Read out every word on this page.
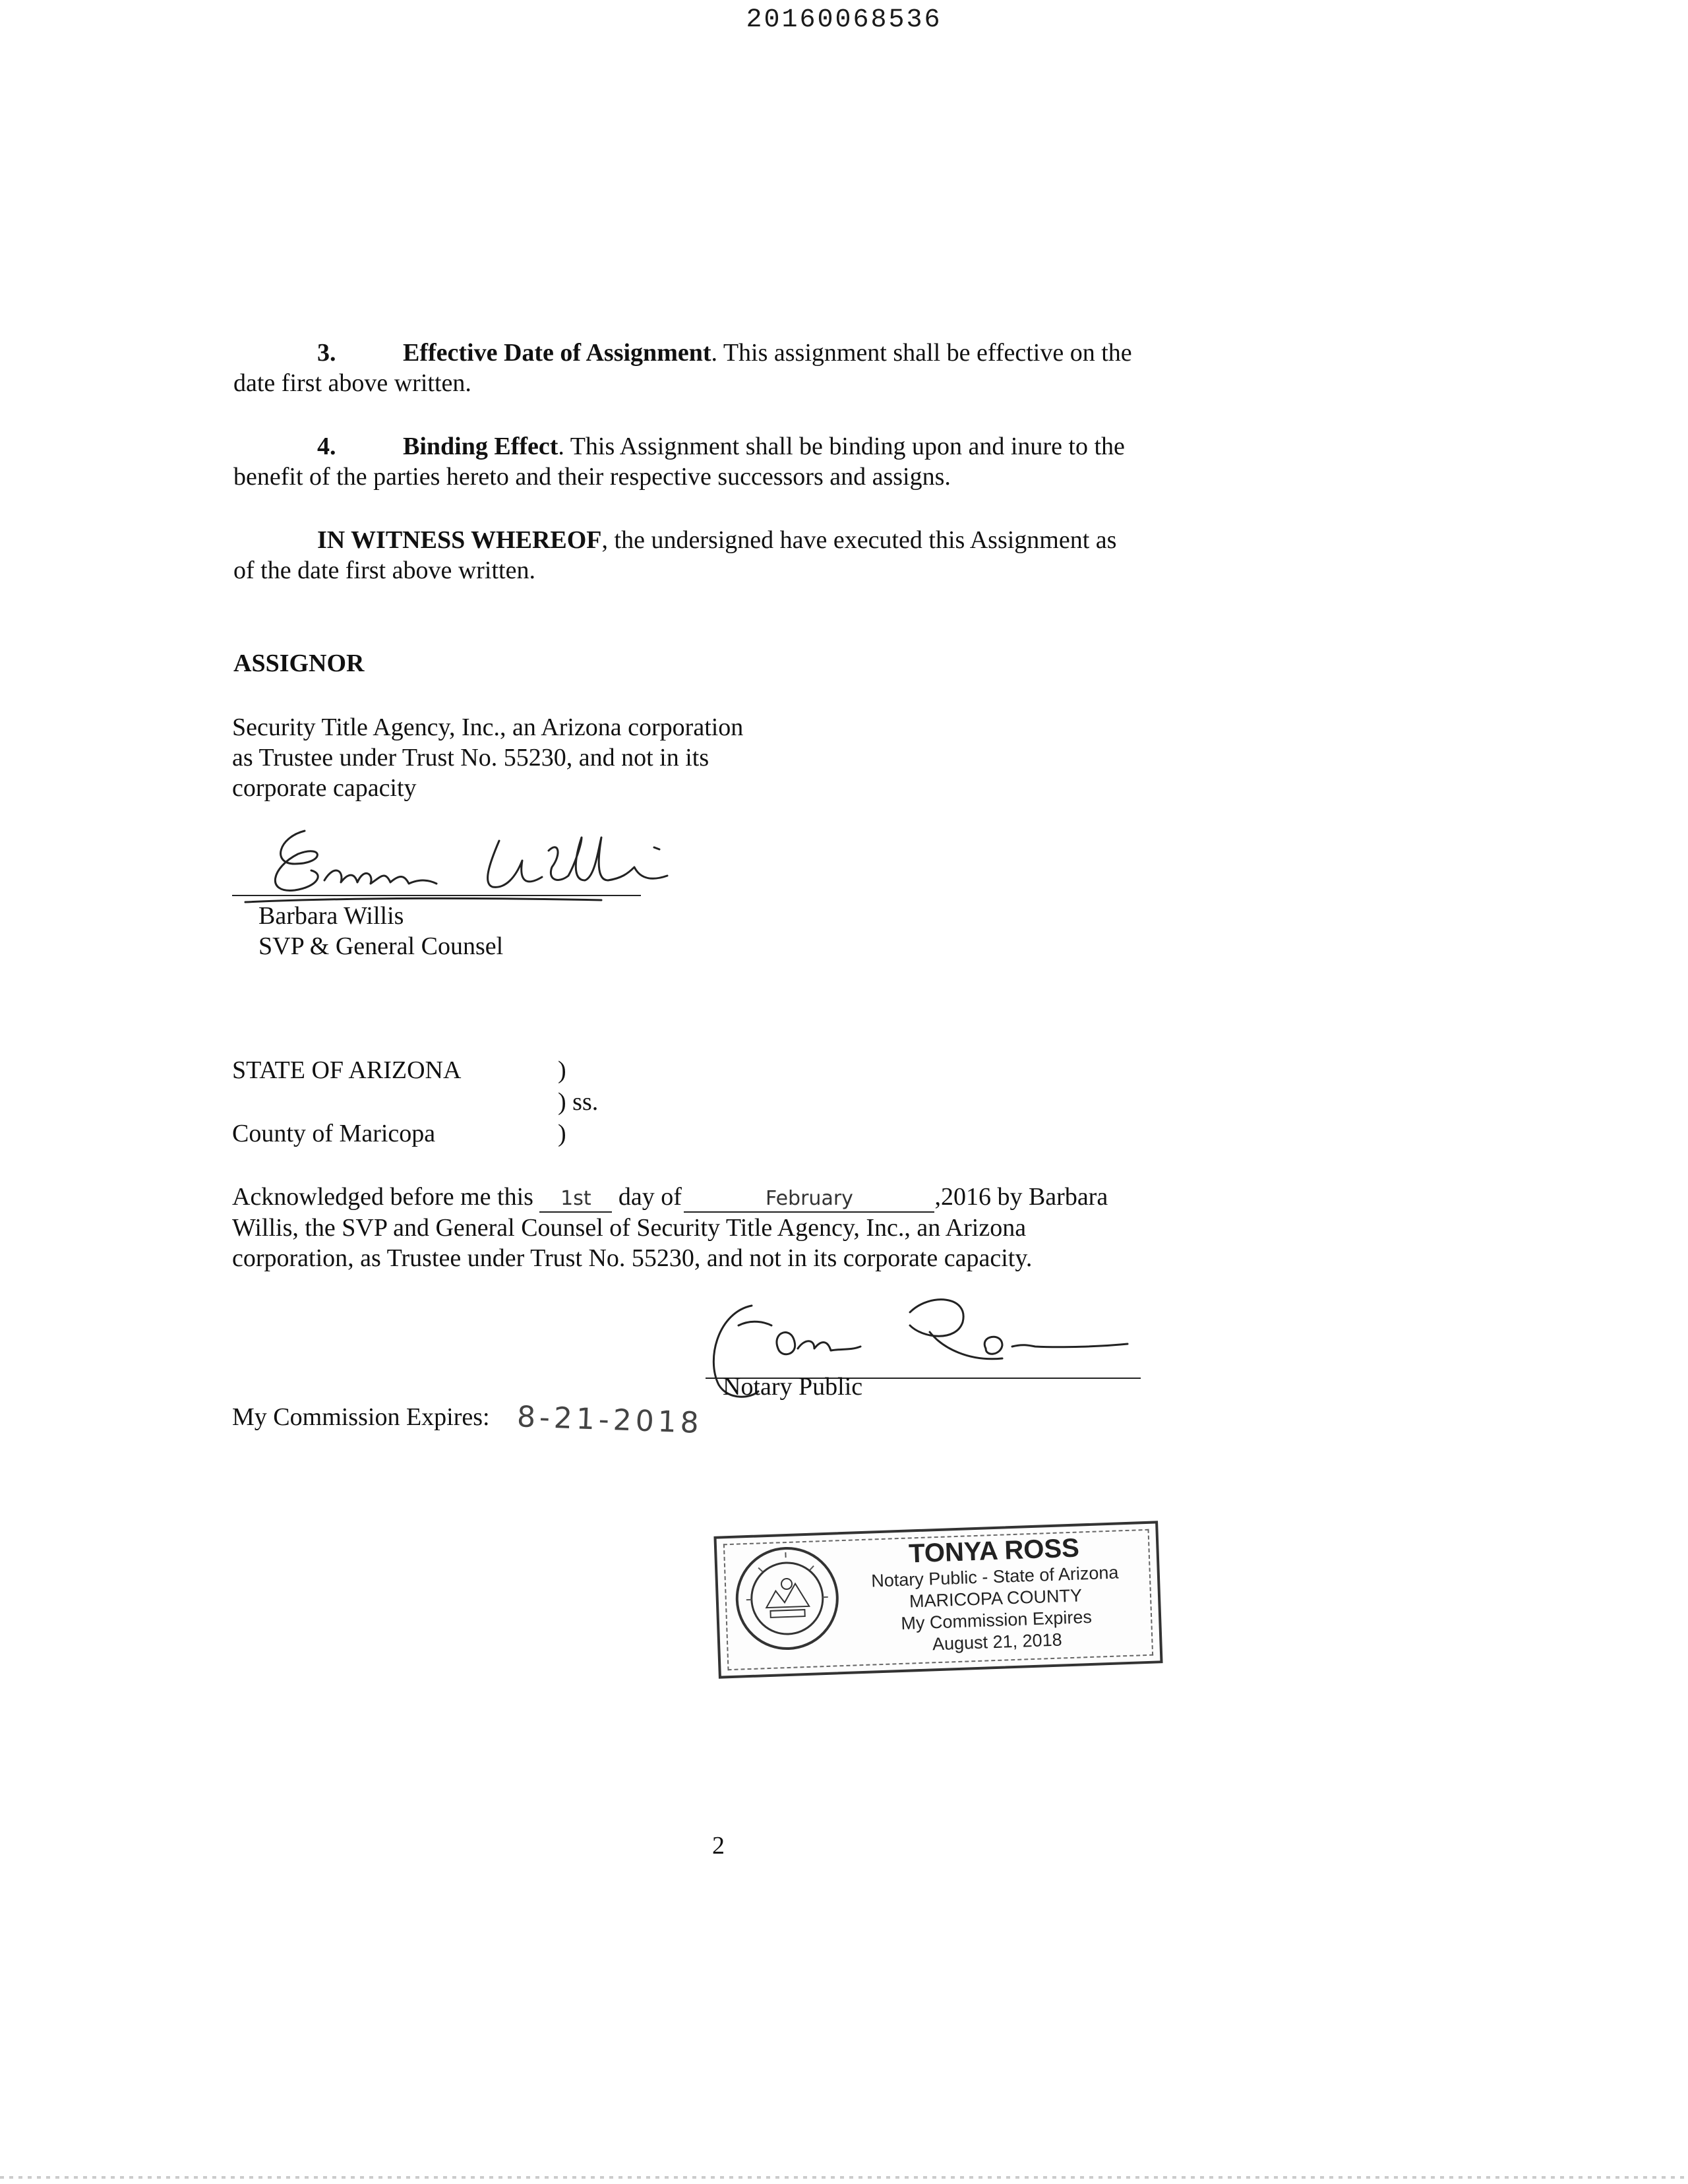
20160068536
3.	Effective Date of Assignment. This assignment shall be effective on the
date first above written.
4.	Binding Effect. This Assignment shall be binding upon and inure to the
benefit of the parties hereto and their respective successors and assigns.
IN WITNESS WHEREOF, the undersigned have executed this Assignment as
of the date first above written.
ASSIGNOR
Security Title Agency, Inc., an Arizona corporation
as Trustee under Trust No. 55230, and not in its
corporate capacity
Barbara Willis
SVP & General Counsel
STATE OF ARIZONA	)
) ss.
County of Maricopa	)
Acknowledged before me this 1st day of	February	,2016 by Barbara
Willis, the SVP and General Counsel of Security Title Agency, Inc., an Arizona
corporation, as Trustee under Trust No. 55230, and not in its corporate capacity.
Notary Public
My Commission Expires: 8-21-2018
TONYA ROSS
Notary Public - State of Arizona
MARICOPA COUNTY
My Commission Expires
August 21, 2018
2
